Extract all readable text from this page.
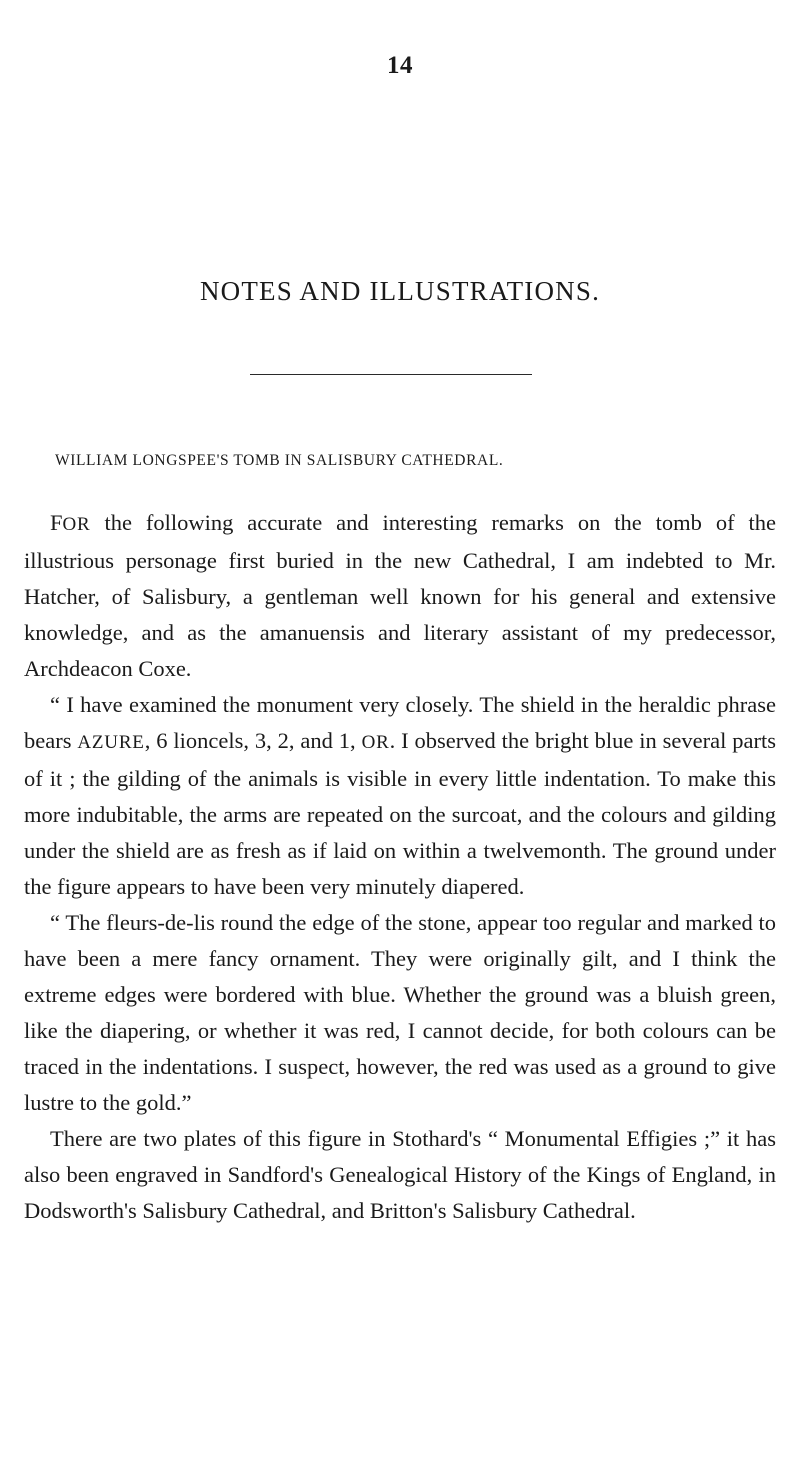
14
NOTES AND ILLUSTRATIONS.
WILLIAM LONGSPEE'S TOMB IN SALISBURY CATHEDRAL.

FOR the following accurate and interesting remarks on the tomb of the illustrious personage first buried in the new Cathedral, I am indebted to Mr. Hatcher, of Salisbury, a gentleman well known for his general and extensive knowledge, and as the amanuensis and literary assistant of my predecessor, Archdeacon Coxe.

“ I have examined the monument very closely. The shield in the heraldic phrase bears AZURE, 6 lioncels, 3, 2, and 1, OR. I observed the bright blue in several parts of it ; the gilding of the animals is visible in every little indentation. To make this more indubitable, the arms are repeated on the surcoat, and the colours and gilding under the shield are as fresh as if laid on within a twelvemonth. The ground under the figure appears to have been very minutely diapered.

“ The fleurs-de-lis round the edge of the stone, appear too regular and marked to have been a mere fancy ornament. They were originally gilt, and I think the extreme edges were bordered with blue. Whether the ground was a bluish green, like the diapering, or whether it was red, I cannot decide, for both colours can be traced in the indentations. I suspect, however, the red was used as a ground to give lustre to the gold.”

There are two plates of this figure in Stothard's “ Monumental Effigies ;” it has also been engraved in Sandford's Genealogical History of the Kings of England, in Dodsworth's Salisbury Cathedral, and Britton's Salisbury Cathedral.
